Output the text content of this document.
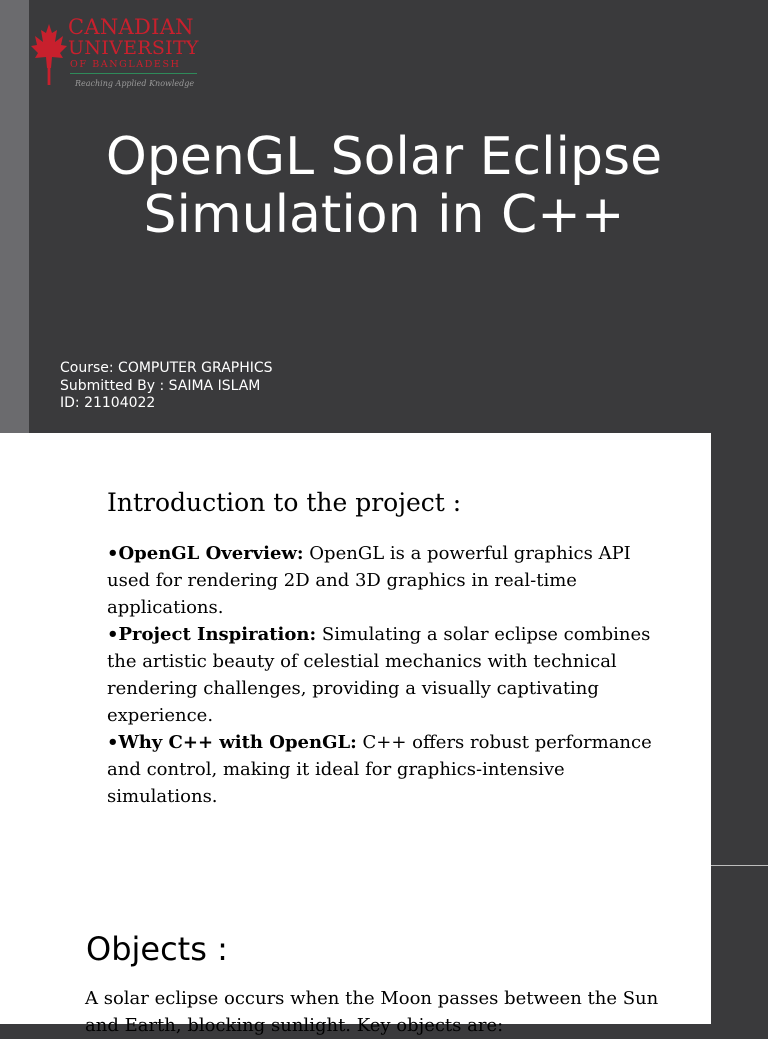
CANADIAN
UNIVERSITY
OF BANGLADESH
Reaching Applied Knowledge
OpenGL Solar Eclipse Simulation in C++
Course: COMPUTER GRAPHICS
Submitted By : SAIMA ISLAM
ID: 21104022
Introduction to the project :

•OpenGL Overview: OpenGL is a powerful graphics API used for rendering 2D and 3D graphics in real-time applications.

•Project Inspiration: Simulating a solar eclipse combines the artistic beauty of celestial mechanics with technical rendering challenges, providing a visually captivating experience.

•Why C++ with OpenGL: C++ offers robust performance and control, making it ideal for graphics-intensive simulations.

Objects :

A solar eclipse occurs when the Moon passes between the Sun and Earth, blocking sunlight. Key objects are:
